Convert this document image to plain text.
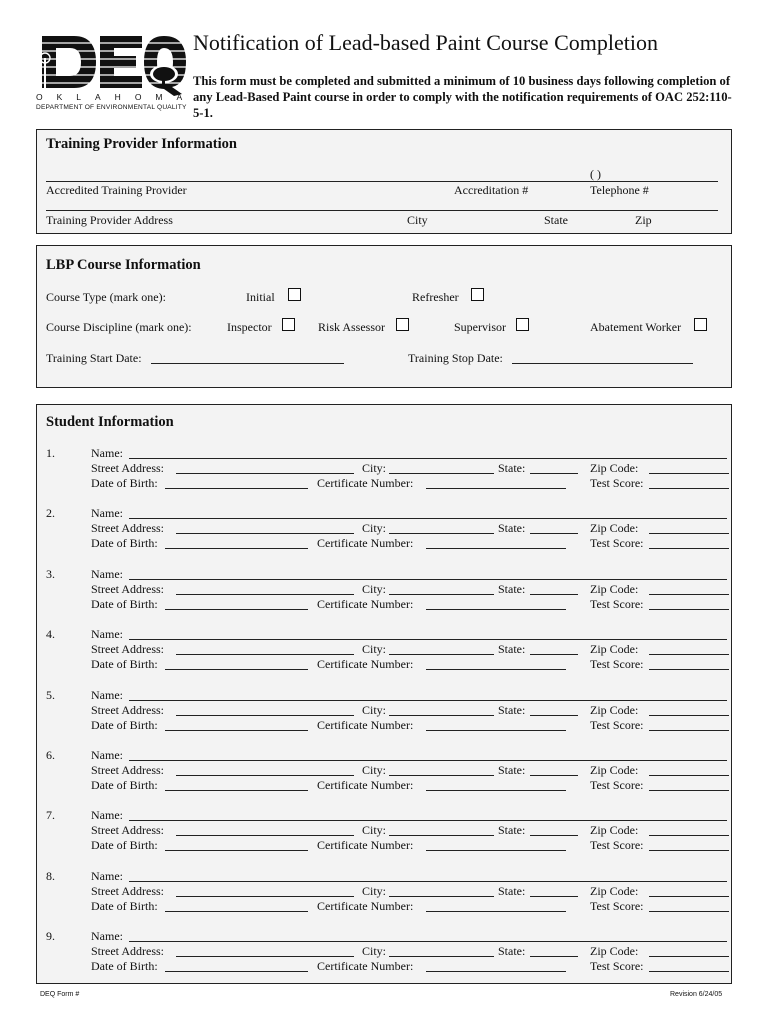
OKLAHOMA
DEPARTMENT OF ENVIRONMENTAL QUALITY
Notification of Lead-based Paint Course Completion
This form must be completed and submitted a minimum of 10 business days following completion of any Lead-Based Paint course in order to comply with the notification requirements of OAC 252:110-5-1.
Training Provider Information
( )
Accredited Training Provider	Accreditation #	Telephone #
Training Provider Address	City	State	Zip
LBP Course Information
Course Type (mark one):	Initial	Refresher
Course Discipline (mark one):	Inspector	Risk Assessor	Supervisor	Abatement Worker
Training Start Date:	Training Stop Date:
Student Information
1.	Name:
Street Address:	City:	State:	Zip Code:
Date of Birth:	Certificate Number:	Test Score:
2.	Name:
Street Address:	City:	State:	Zip Code:
Date of Birth:	Certificate Number:	Test Score:
3.	Name:
Street Address:	City:	State:	Zip Code:
Date of Birth:	Certificate Number:	Test Score:
4.	Name:
Street Address:	City:	State:	Zip Code:
Date of Birth:	Certificate Number:	Test Score:
5.	Name:
Street Address:	City:	State:	Zip Code:
Date of Birth:	Certificate Number:	Test Score:
6.	Name:
Street Address:	City:	State:	Zip Code:
Date of Birth:	Certificate Number:	Test Score:
7.	Name:
Street Address:	City:	State:	Zip Code:
Date of Birth:	Certificate Number:	Test Score:
8.	Name:
Street Address:	City:	State:	Zip Code:
Date of Birth:	Certificate Number:	Test Score:
9.	Name:
Street Address:	City:	State:	Zip Code:
Date of Birth:	Certificate Number:	Test Score:
DEQ Form #	Revision 6/24/05
